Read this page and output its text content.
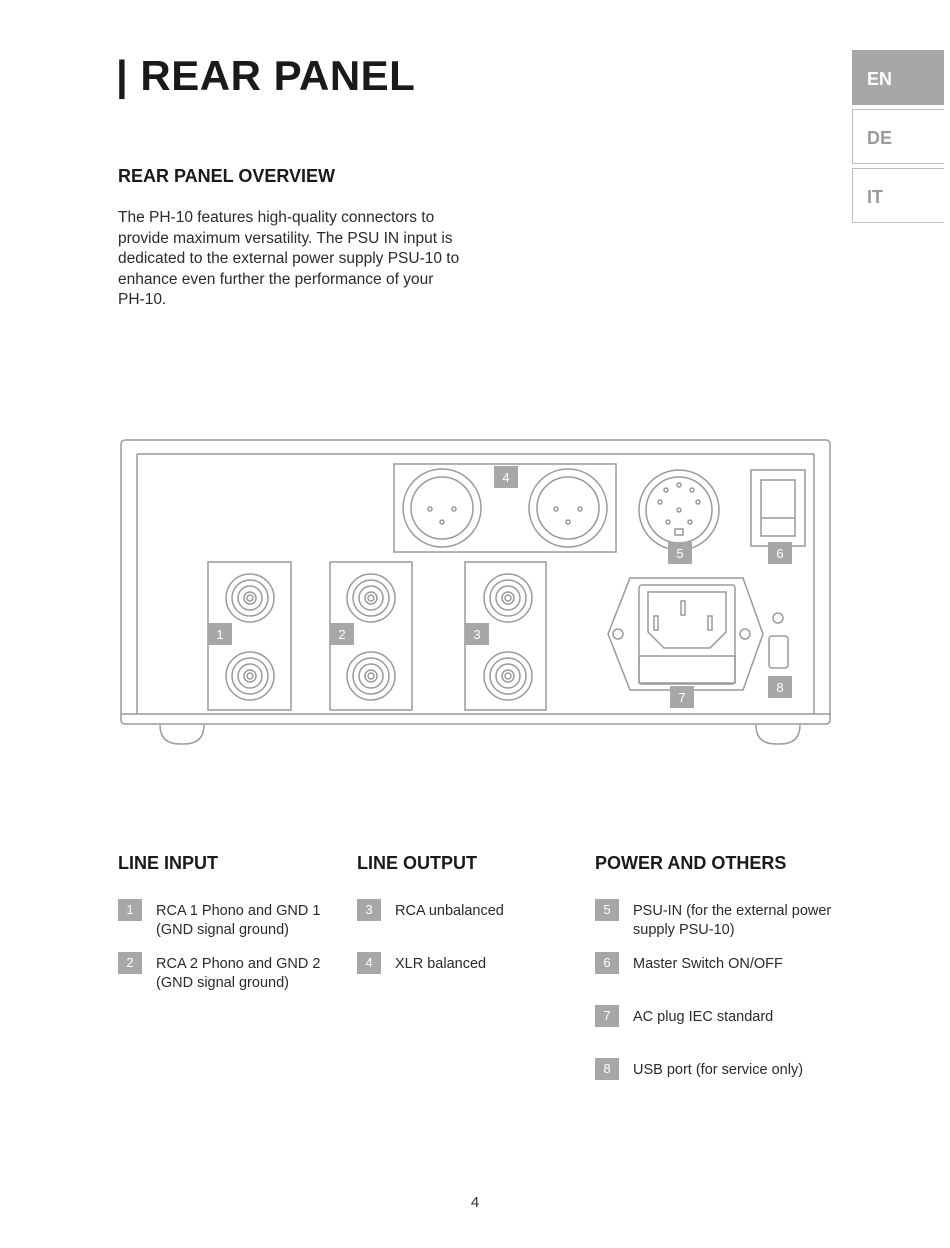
| REAR PANEL	EN
DE
IT
REAR PANEL OVERVIEW

The PH-10 features high-quality connectors to provide maximum versatility. The PSU IN input is dedicated to the external power supply PSU-10 to enhance even further the performance of your PH-10.

1	2	3
4
5	6
7
8
LINE INPUT
1	RCA 1 Phono and GND 1 (GND signal ground)
2	RCA 2 Phono and GND 2 (GND signal ground)
LINE OUTPUT
3	RCA unbalanced
4	XLR balanced
POWER AND OTHERS
5	PSU-IN (for the external power supply PSU-10)
6	Master Switch ON/OFF
7	AC plug IEC standard
8	USB port (for service only)
4
